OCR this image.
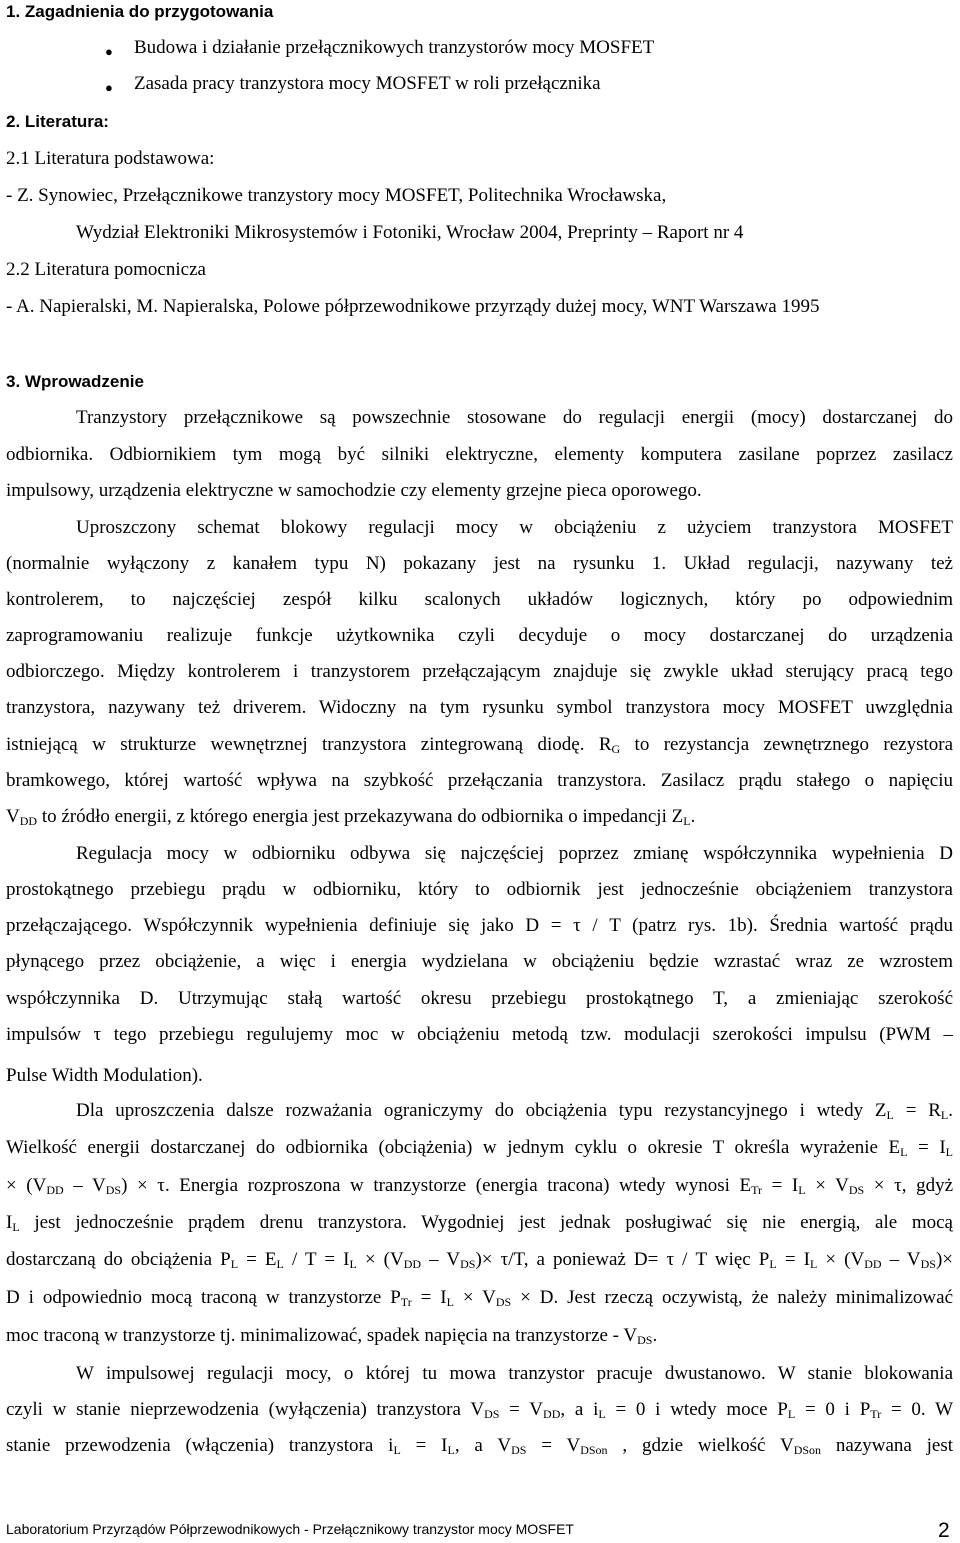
1. Zagadnienia do przygotowania
● Budowa i działanie przełącznikowych tranzystorów mocy MOSFET
● Zasada pracy tranzystora mocy MOSFET w roli przełącznika
2. Literatura:
2.1 Literatura podstawowa:
- Z. Synowiec, Przełącznikowe tranzystory mocy MOSFET, Politechnika Wrocławska,
Wydział Elektroniki Mikrosystemów i Fotoniki, Wrocław 2004, Preprinty – Raport nr 4
2.2 Literatura pomocnicza
- A. Napieralski, M. Napieralska, Polowe półprzewodnikowe przyrządy dużej mocy, WNT Warszawa 1995
3. Wprowadzenie
Tranzystory przełącznikowe są powszechnie stosowane do regulacji energii (mocy) dostarczanej do
odbiornika. Odbiornikiem tym mogą być silniki elektryczne, elementy komputera zasilane poprzez zasilacz
impulsowy, urządzenia elektryczne w samochodzie czy elementy grzejne pieca oporowego.
Uproszczony schemat blokowy regulacji mocy w obciążeniu z użyciem tranzystora MOSFET
(normalnie wyłączony z kanałem typu N) pokazany jest na rysunku 1. Układ regulacji, nazywany też
kontrolerem, to najczęściej zespół kilku scalonych układów logicznych, który po odpowiednim
zaprogramowaniu realizuje funkcje użytkownika czyli decyduje o mocy dostarczanej do urządzenia
odbiorczego. Między kontrolerem i tranzystorem przełączającym znajduje się zwykle układ sterujący pracą tego
tranzystora, nazywany też driverem. Widoczny na tym rysunku symbol tranzystora mocy MOSFET uwzględnia
istniejącą w strukturze wewnętrznej tranzystora zintegrowaną diodę. $R_G$ to rezystancja zewnętrznego rezystora
bramkowego, której wartość wpływa na szybkość przełączania tranzystora. Zasilacz prądu stałego o napięciu
$V_{DD}$ to źródło energii, z którego energia jest przekazywana do odbiornika o impedancji $Z_L$.
Regulacja mocy w odbiorniku odbywa się najczęściej poprzez zmianę współczynnika wypełnienia D
prostokątnego przebiegu prądu w odbiorniku, który to odbiornik jest jednocześnie obciążeniem tranzystora
przełączającego. Współczynnik wypełnienia definiuje się jako D = τ / T (patrz rys. 1b). Średnia wartość prądu
płynącego przez obciążenie, a więc i energia wydzielana w obciążeniu będzie wzrastać wraz ze wzrostem
współczynnika D. Utrzymując stałą wartość okresu przebiegu prostokątnego T, a zmieniając szerokość
impulsów τ tego przebiegu regulujemy moc w obciążeniu metodą tzw. modulacji szerokości impulsu (PWM –
Pulse Width Modulation).
Dla uproszczenia dalsze rozważania ograniczymy do obciążenia typu rezystancyjnego i wtedy $Z_L = R_L$.
Wielkość energii dostarczanej do odbiornika (obciążenia) w jednym cyklu o okresie T określa wyrażenie $E_L = I_L$
× $(V_{DD} - V_{DS}) \times \tau$. Energia rozproszona w tranzystorze (energia tracona) wtedy wynosi $E_{Tr} = I_L \times V_{DS} \times \tau$, gdyż
$I_L$ jest jednocześnie prądem drenu tranzystora. Wygodniej jest jednak posługiwać się nie energią, ale mocą
dostarczaną do obciążenia $P_L = E_L / T = I_L \times (V_{DD} - V_{DS})\times \tau/T$, a ponieważ D= τ / T więc $P_L = I_L \times (V_{DD} - V_{DS})\times$
D i odpowiednio mocą traconą w tranzystorze $P_{Tr} = I_L \times V_{DS} \times D$. Jest rzeczą oczywistą, że należy minimalizować
moc traconą w tranzystorze tj. minimalizować, spadek napięcia na tranzystorze - $V_{DS}$.
W impulsowej regulacji mocy, o której tu mowa tranzystor pracuje dwustanowo. W stanie blokowania
czyli w stanie nieprzewodzenia (wyłączenia) tranzystora $V_{DS} = V_{DD}$, a $i_L = 0$ i wtedy moce $P_L = 0$ i $P_{Tr} = 0$. W
stanie przewodzenia (włączenia) tranzystora $i_L = I_L$, a $V_{DS} = V_{DSon}$ , gdzie wielkość $V_{DSon}$ nazywana jest
Laboratorium Przyrządów Półprzewodnikowych - Przełącznikowy tranzystor mocy MOSFET	2
